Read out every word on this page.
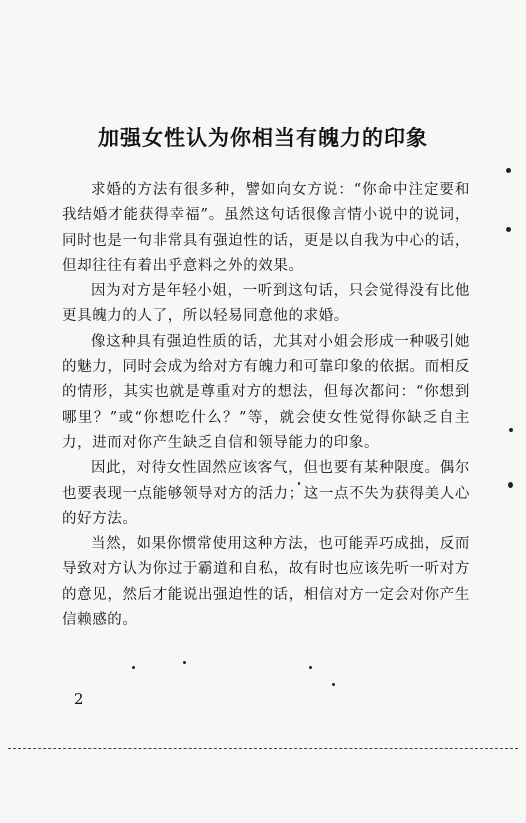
加强女性认为你相当有魄力的印象

求婚的方法有很多种，譬如向女方说：“你命中注定要和我结婚才能获得幸福”。虽然这句话很像言情小说中的说词，同时也是一句非常具有强迫性的话，更是以自我为中心的话，但却往往有着出乎意料之外的效果。

因为对方是年轻小姐，一听到这句话，只会觉得没有比他更具魄力的人了，所以轻易同意他的求婚。

像这种具有强迫性质的话，尤其对小姐会形成一种吸引她的魅力，同时会成为给对方有魄力和可靠印象的依据。而相反的情形，其实也就是尊重对方的想法，但每次都问：“你想到哪里？”或“你想吃什么？”等，就会使女性觉得你缺乏自主力，进而对你产生缺乏自信和领导能力的印象。

因此，对待女性固然应该客气，但也要有某种限度。偶尔也要表现一点能够领导对方的活力；这一点不失为获得美人心的好方法。

当然，如果你惯常使用这种方法，也可能弄巧成拙，反而导致对方认为你过于霸道和自私，故有时也应该先听一听对方的意见，然后才能说出强迫性的话，相信对方一定会对你产生信赖感的。

2
